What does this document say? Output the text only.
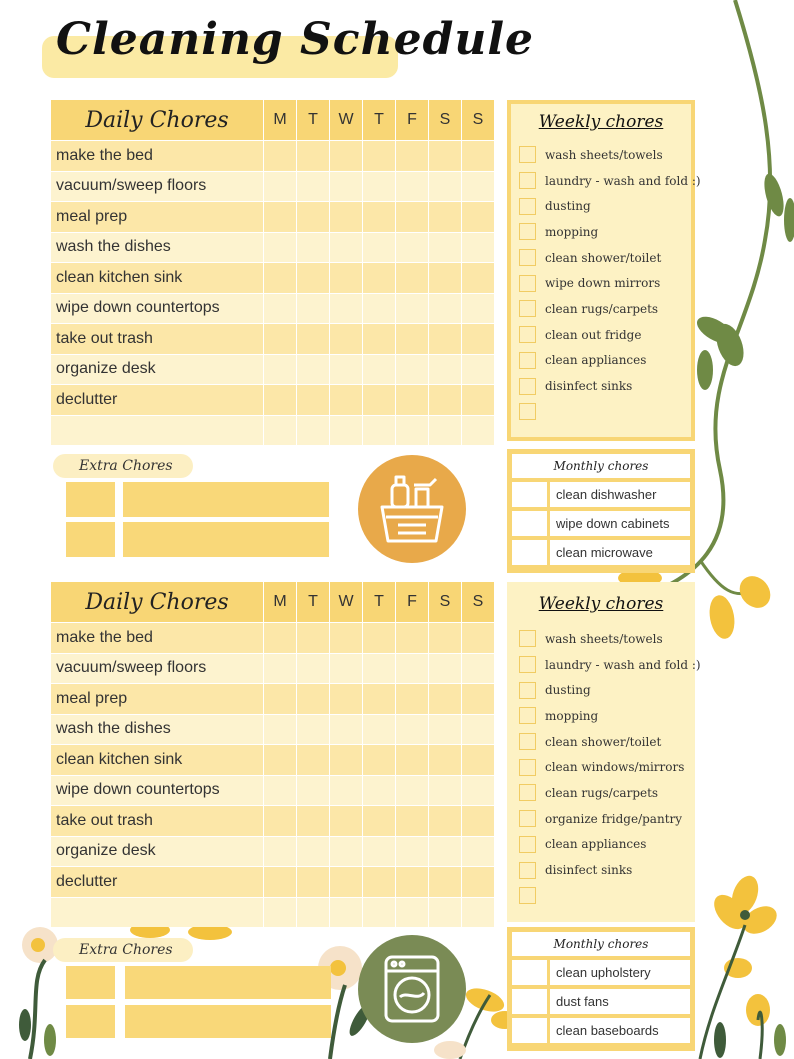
Cleaning Schedule
Daily Chores	M	T	W	T	F	S	S
make the bed
vacuum/sweep floors
meal prep
wash the dishes
clean kitchen sink
wipe down countertops
take out trash
organize desk
declutter
Weekly chores
wash sheets/towels
laundry - wash and fold :)
dusting
mopping
clean shower/toilet
wipe down mirrors
clean rugs/carpets
clean out fridge
clean appliances
disinfect sinks
Extra Chores	Monthly chores
clean dishwasher
wipe down cabinets
clean microwave
Daily Chores	M	T	W	T	F	S	S
make the bed
vacuum/sweep floors
meal prep
wash the dishes
clean kitchen sink
wipe down countertops
take out trash
organize desk
declutter
Weekly chores
wash sheets/towels
laundry - wash and fold :)
dusting
mopping
clean shower/toilet
clean windows/mirrors
clean rugs/carpets
organize fridge/pantry
clean appliances
disinfect sinks
Extra Chores	Monthly chores
clean upholstery
dust fans
clean baseboards
